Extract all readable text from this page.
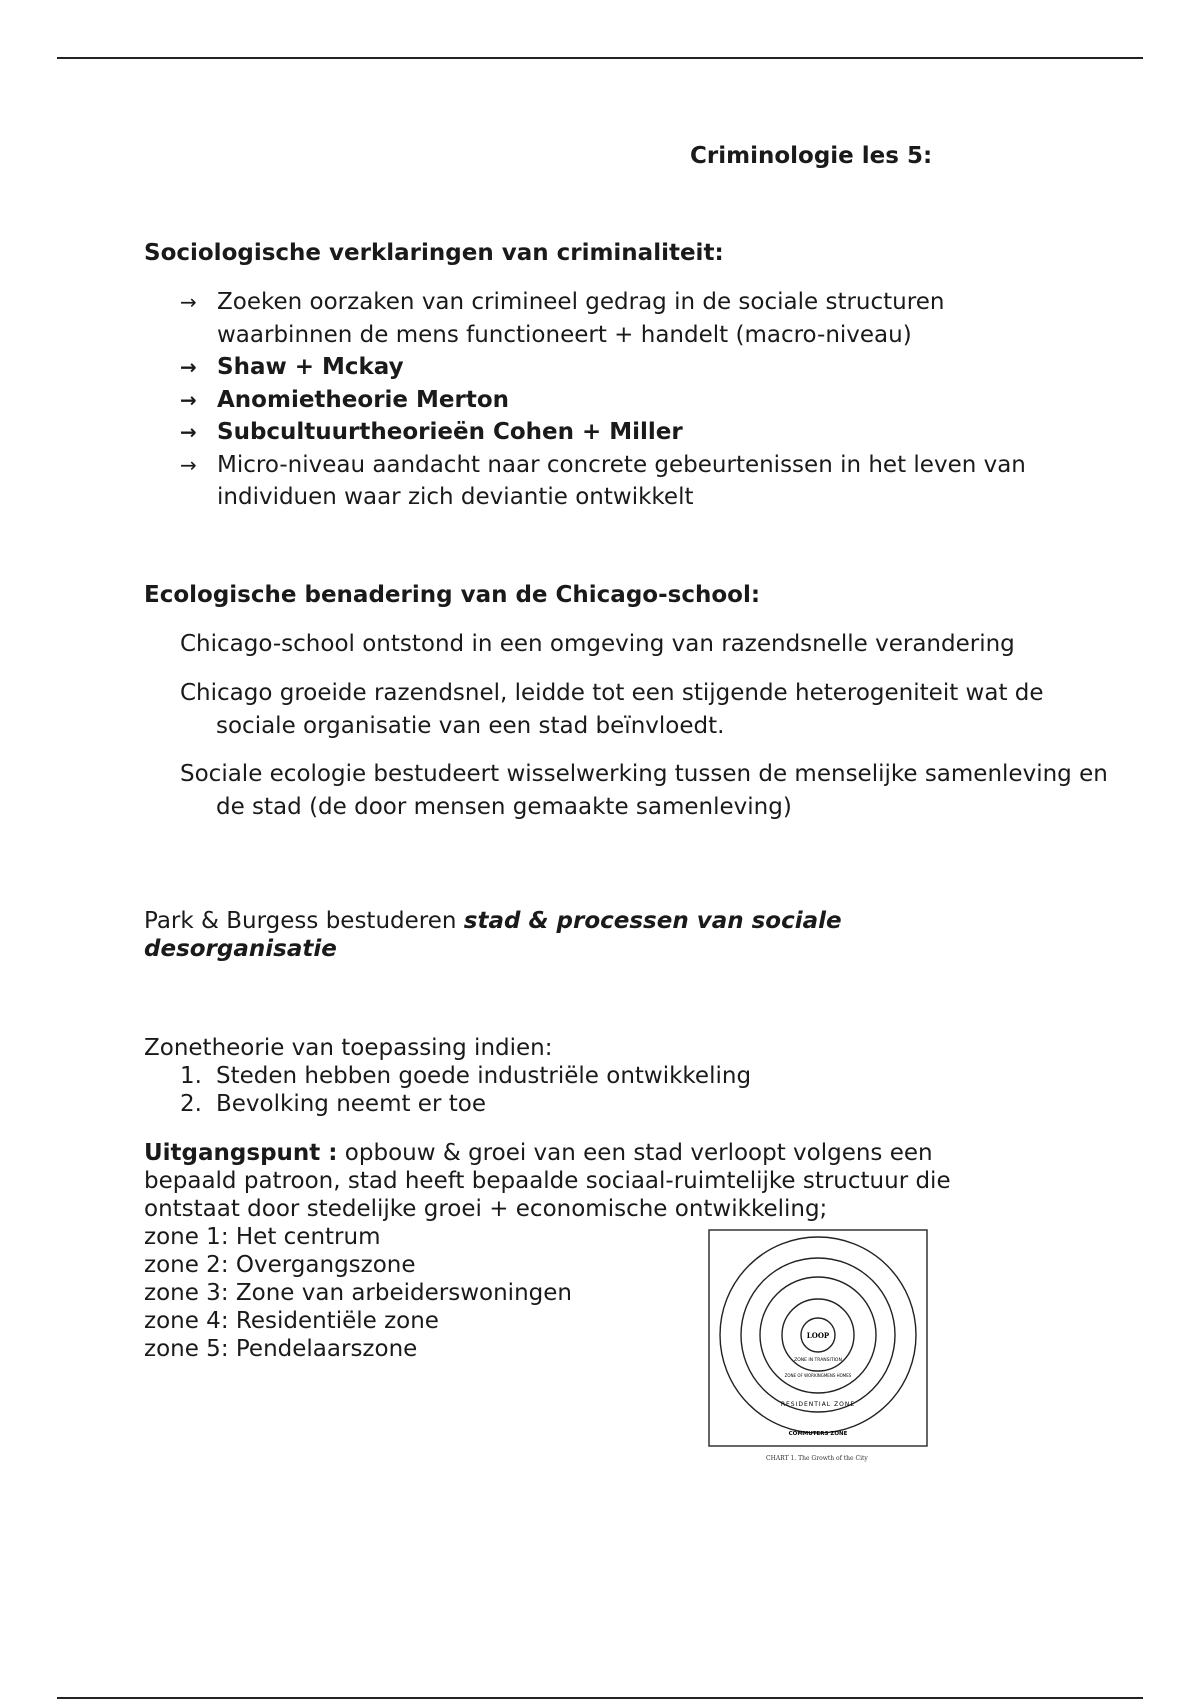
Criminologie les 5:
Sociologische verklaringen van criminaliteit:
→ Zoeken oorzaken van crimineel gedrag in de sociale structuren waarbinnen de mens functioneert + handelt (macro-niveau)
→ Shaw + Mckay
→ Anomietheorie Merton
→ Subcultuurtheorieën Cohen + Miller
→ Micro-niveau aandacht naar concrete gebeurtenissen in het leven van individuen waar zich deviantie ontwikkelt
Ecologische benadering van de Chicago-school:
Chicago-school ontstond in een omgeving van razendsnelle verandering
Chicago groeide razendsnel, leidde tot een stijgende heterogeniteit wat de sociale organisatie van een stad beïnvloedt.
Sociale ecologie bestudeert wisselwerking tussen de menselijke samenleving en de stad (de door mensen gemaakte samenleving)
Park & Burgess bestuderen stad & processen van sociale desorganisatie
Zonetheorie van toepassing indien:
1. Steden hebben goede industriële ontwikkeling
2. Bevolking neemt er toe
Uitgangspunt : opbouw & groei van een stad verloopt volgens een bepaald patroon, stad heeft bepaalde sociaal-ruimtelijke structuur die ontstaat door stedelijke groei + economische ontwikkeling;
zone 1: Het centrum
zone 2: Overgangszone
zone 3: Zone van arbeiderswoningen
zone 4: Residentiële zone
zone 5: Pendelaarszone
LOOP
ZONE IN TRANSITION
ZONE OF WORKINGMENS HOMES
RESIDENTIAL ZONE
COMMUTERS ZONE
CHART 1. The Growth of the City
